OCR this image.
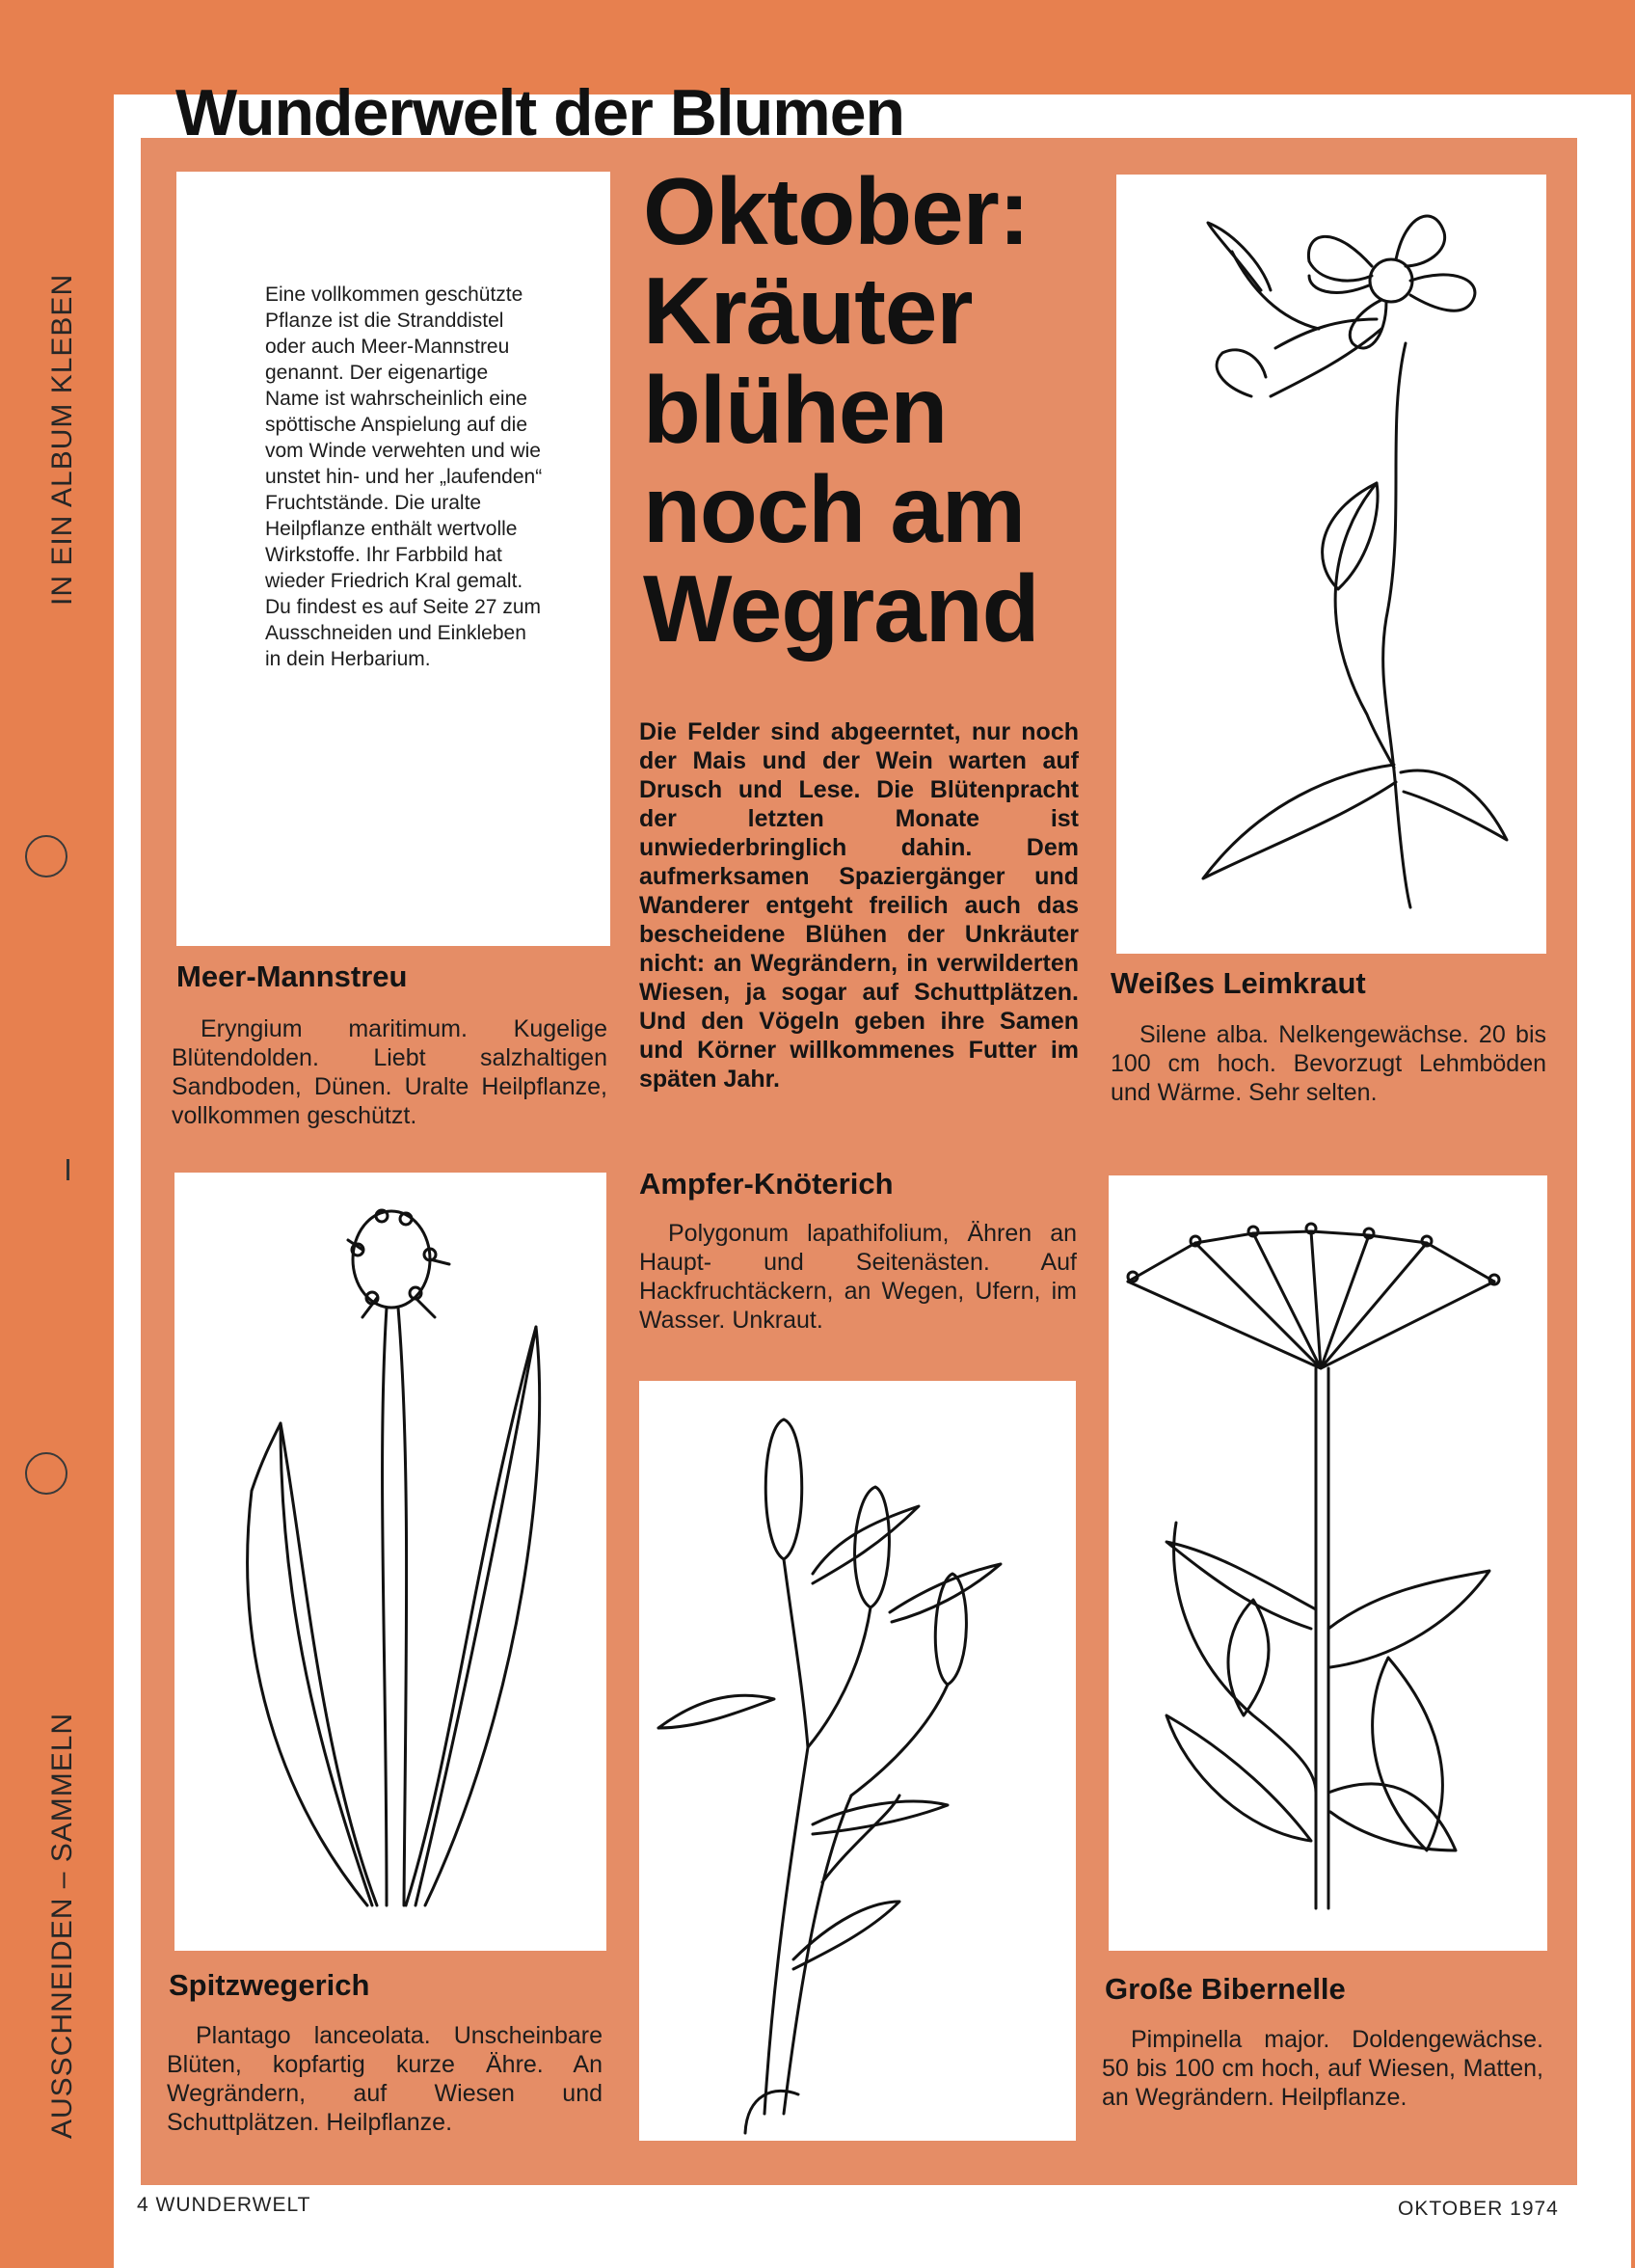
IN EIN ALBUM KLEBEN
AUSSCHNEIDEN – SAMMELN
Wunderwelt der Blumen
Eine vollkommen geschützte Pflanze ist die Stranddistel oder auch Meer-Mannstreu genannt. Der eigenartige Name ist wahrscheinlich eine spöttische Anspielung auf die vom Winde verwehten und wie unstet hin- und her „laufenden“ Fruchtstände. Die uralte Heilpflanze enthält wertvolle Wirkstoffe. Ihr Farbbild hat wieder Friedrich Kral gemalt. Du findest es auf Seite 27 zum Ausschneiden und Einkleben in dein Herbarium.
Oktober:
Kräuter
blühen
noch am
Wegrand
Die Felder sind abgeerntet, nur noch der Mais und der Wein warten auf Drusch und Lese. Die Blütenpracht der letzten Monate ist unwiederbringlich dahin. Dem aufmerksamen Spaziergänger und Wanderer entgeht freilich auch das bescheidene Blühen der Unkräuter nicht: an Wegrändern, in verwilderten Wiesen, ja sogar auf Schuttplätzen. Und den Vögeln geben ihre Samen und Körner willkommenes Futter im späten Jahr.
Meer-Mannstreu
Eryngium maritimum. Kugelige Blütendolden. Liebt salzhaltigen Sandboden, Dünen. Uralte Heilpflanze, vollkommen geschützt.
Weißes Leimkraut
Silene alba. Nelkengewächse. 20 bis 100 cm hoch. Bevorzugt Lehmböden und Wärme. Sehr selten.
Ampfer-Knöterich
Polygonum lapathifolium, Ähren an Haupt- und Seitenästen. Auf Hackfruchtäckern, an Wegen, Ufern, im Wasser. Unkraut.
Spitzwegerich
Plantago lanceolata. Unscheinbare Blüten, kopfartig kurze Ähre. An Wegrändern, auf Wiesen und Schuttplätzen. Heilpflanze.
Große Bibernelle
Pimpinella major. Doldengewächse. 50 bis 100 cm hoch, auf Wiesen, Matten, an Wegrändern. Heilpflanze.
4 WUNDERWELT	OKTOBER 1974
